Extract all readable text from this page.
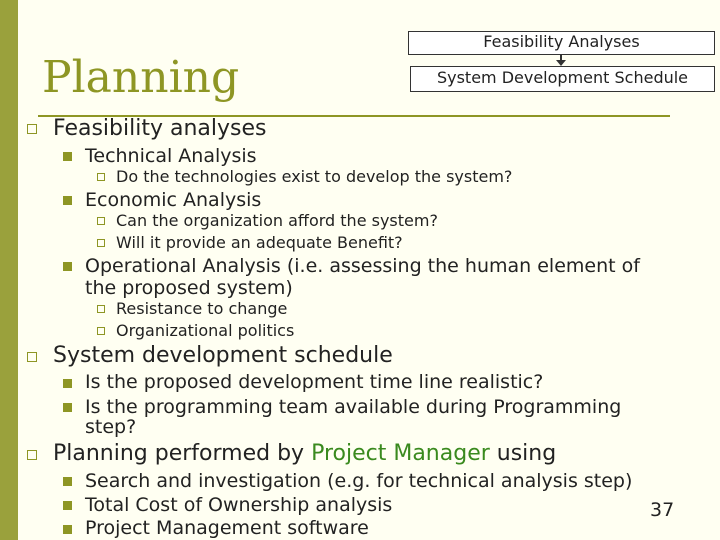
Planning
Feasibility Analyses
System Development Schedule
Feasibility analyses
Technical Analysis
Do the technologies exist to develop the system?
Economic Analysis
Can the organization afford the system?
Will it provide an adequate Benefit?
Operational Analysis (i.e. assessing the human element of
the proposed system)
Resistance to change
Organizational politics
System development schedule
Is the proposed development time line realistic?
Is the programming team available during Programming
step?
Planning performed by Project Manager using
Search and investigation (e.g. for technical analysis step)
Total Cost of Ownership analysis
Project Management software
37
